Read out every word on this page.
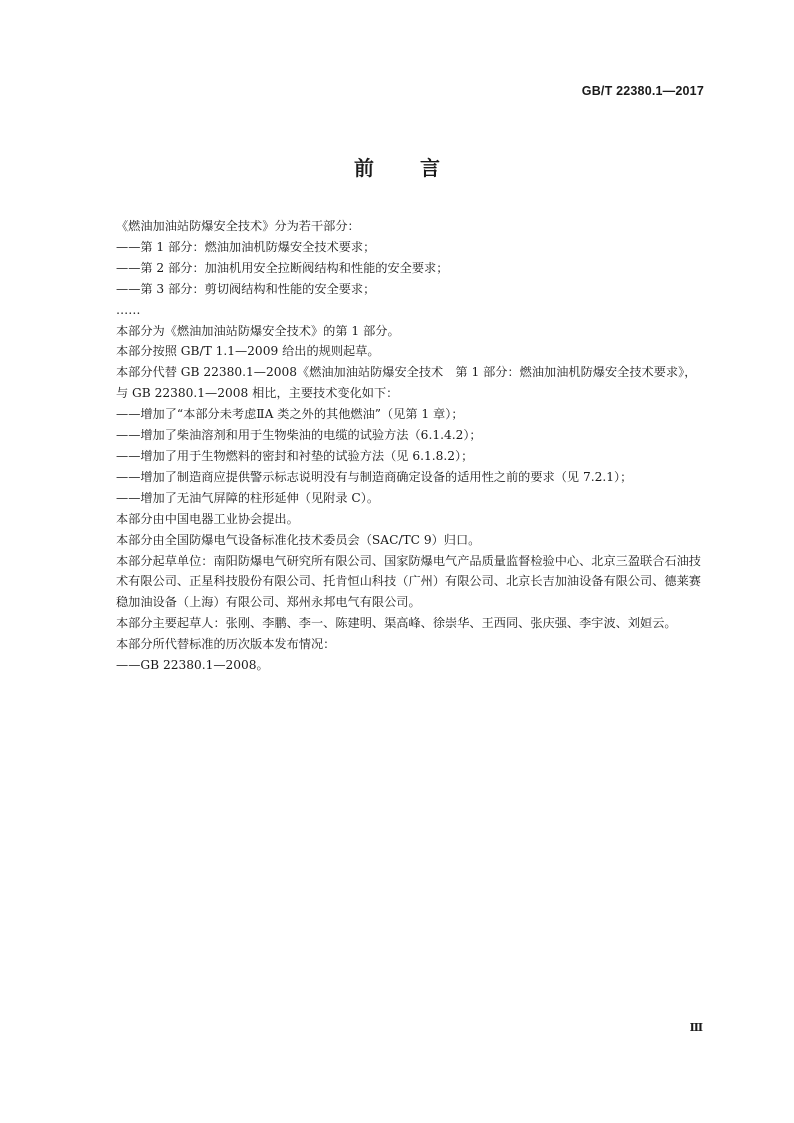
GB/T 22380.1—2017
前言

《燃油加油站防爆安全技术》分为若干部分：

——第 1 部分：燃油加油机防爆安全技术要求；

——第 2 部分：加油机用安全拉断阀结构和性能的安全要求；

——第 3 部分：剪切阀结构和性能的安全要求；

……

本部分为《燃油加油站防爆安全技术》的第 1 部分。

本部分按照 GB/T 1.1—2009 给出的规则起草。

本部分代替 GB 22380.1—2008《燃油加油站防爆安全技术　第 1 部分：燃油加油机防爆安全技术要求》，与 GB 22380.1—2008 相比，主要技术变化如下：

——增加了“本部分未考虑ⅡA 类之外的其他燃油”（见第 1 章）；

——增加了柴油溶剂和用于生物柴油的电缆的试验方法（6.1.4.2）；

——增加了用于生物燃料的密封和衬垫的试验方法（见 6.1.8.2）；

——增加了制造商应提供警示标志说明没有与制造商确定设备的适用性之前的要求（见 7.2.1）；

——增加了无油气屏障的柱形延伸（见附录 C）。

本部分由中国电器工业协会提出。

本部分由全国防爆电气设备标准化技术委员会（SAC/TC 9）归口。

本部分起草单位：南阳防爆电气研究所有限公司、国家防爆电气产品质量监督检验中心、北京三盈联合石油技术有限公司、正星科技股份有限公司、托肯恒山科技（广州）有限公司、北京长吉加油设备有限公司、德莱赛稳加油设备（上海）有限公司、郑州永邦电气有限公司。

本部分主要起草人：张刚、李鹏、李一、陈建明、渠高峰、徐崇华、王西同、张庆强、李宇波、刘姮云。

本部分所代替标准的历次版本发布情况：

——GB 22380.1—2008。

Ⅲ
